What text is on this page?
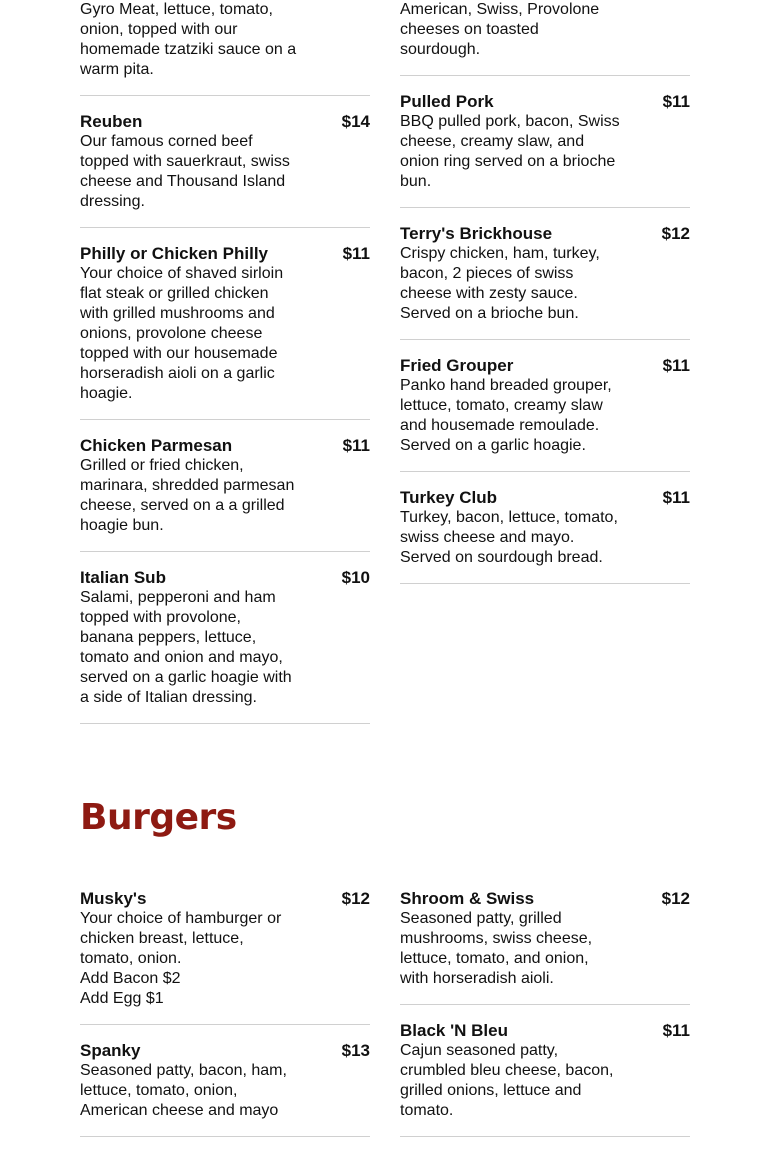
Gyro Meat, lettuce, tomato,
onion, topped with our
homemade tzatziki sauce on a
warm pita.
Reuben	$14
Our famous corned beef
topped with sauerkraut, swiss
cheese and Thousand Island
dressing.
Philly or Chicken Philly	$11
Your choice of shaved sirloin
flat steak or grilled chicken
with grilled mushrooms and
onions, provolone cheese
topped with our housemade
horseradish aioli on a garlic
hoagie.
Chicken Parmesan	$11
Grilled or fried chicken,
marinara, shredded parmesan
cheese, served on a a grilled
hoagie bun.
Italian Sub	$10
Salami, pepperoni and ham
topped with provolone,
banana peppers, lettuce,
tomato and onion and mayo,
served on a garlic hoagie with
a side of Italian dressing.
American, Swiss, Provolone
cheeses on toasted
sourdough.
Pulled Pork	$11
BBQ pulled pork, bacon, Swiss
cheese, creamy slaw, and
onion ring served on a brioche
bun.
Terry's Brickhouse	$12
Crispy chicken, ham, turkey,
bacon, 2 pieces of swiss
cheese with zesty sauce.
Served on a brioche bun.
Fried Grouper	$11
Panko hand breaded grouper,
lettuce, tomato, creamy slaw
and housemade remoulade.
Served on a garlic hoagie.
Turkey Club	$11
Turkey, bacon, lettuce, tomato,
swiss cheese and mayo.
Served on sourdough bread.
Burgers
Musky's	$12
Your choice of hamburger or
chicken breast, lettuce,
tomato, onion.
Add Bacon $2
Add Egg $1
Spanky	$13
Seasoned patty, bacon, ham,
lettuce, tomato, onion,
American cheese and mayo
Shroom & Swiss	$12
Seasoned patty, grilled
mushrooms, swiss cheese,
lettuce, tomato, and onion,
with horseradish aioli.
Black 'N Bleu	$11
Cajun seasoned patty,
crumbled bleu cheese, bacon,
grilled onions, lettuce and
tomato.
